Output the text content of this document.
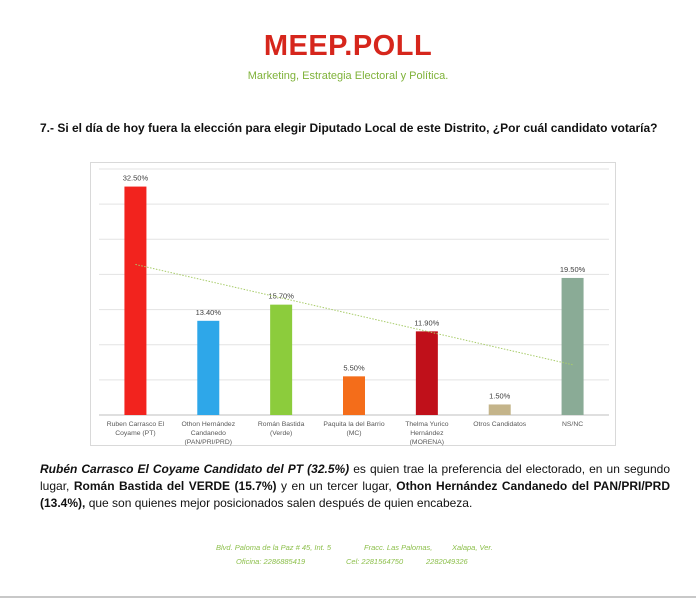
MEEP.POLL
Marketing, Estrategia Electoral y Política.
7.- Si el día de hoy fuera la elección para elegir Diputado Local de este Distrito, ¿Por cuál candidato votaría?
32.50%
Ruben Carrasco El
Coyame (PT)
13.40%
Othon Hernández
Candanedo
(PAN/PRI/PRD)
15.70%
Román Bastida
(Verde)
5.50%
Paquita la del Barrio
(MC)
11.90%
Thelma Yurico
Hernández
(MORENA)
1.50%
Otros Candidatos
19.50%
NS/NC
Rubén Carrasco El Coyame Candidato del PT (32.5%) es quien trae la preferencia del electorado, en un segundo lugar, Román Bastida del VERDE (15.7%) y en un tercer lugar, Othon Hernández Candanedo del PAN/PRI/PRD (13.4%), que son quienes mejor posicionados salen después de quien encabeza.
Blvd. Paloma de la Paz # 45, Int. 5
Oficina: 2286885419
Fracc. Las Palomas,
Cel: 2281564750
Xalapa, Ver.
2282049326
